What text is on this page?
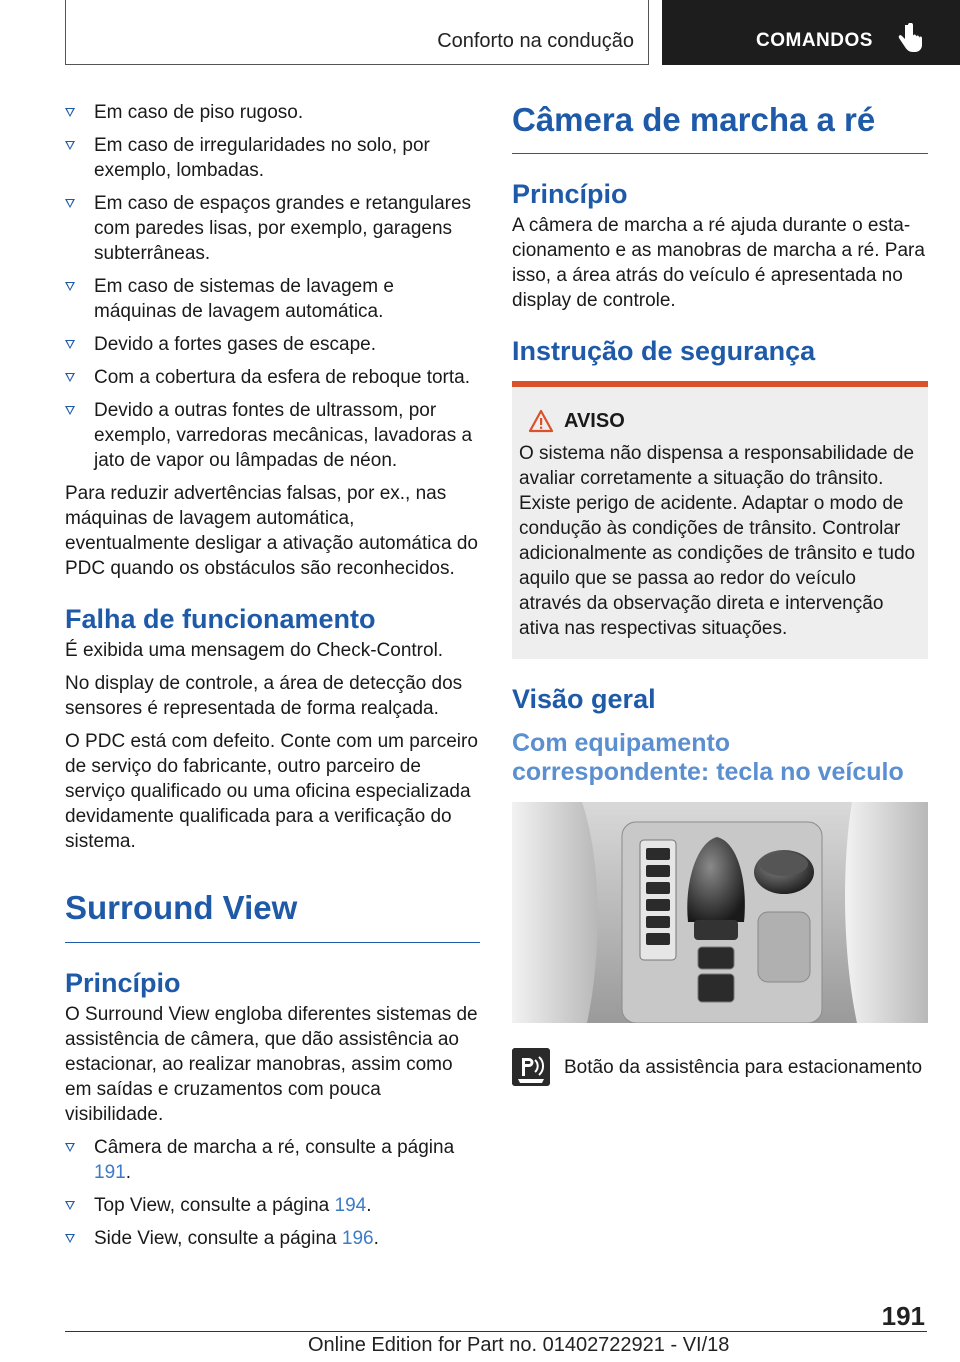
Conforto na condução	COMANDOS
Em caso de piso rugoso.
Em caso de irregularidades no solo, por exemplo, lombadas.
Em caso de espaços grandes e retangulares com paredes lisas, por exemplo, garagens subterrâneas.
Em caso de sistemas de lavagem e máquinas de lavagem automática.
Devido a fortes gases de escape.
Com a cobertura da esfera de reboque torta.
Devido a outras fontes de ultrassom, por exemplo, varredoras mecânicas, lavadoras a jato de vapor ou lâmpadas de néon.

Para reduzir advertências falsas, por ex., nas máquinas de lavagem automática, eventualmente desligar a ativação automática do PDC quando os obstáculos são reconhecidos.

Falha de funcionamento

É exibida uma mensagem do Check-Control.

No display de controle, a área de detecção dos sensores é representada de forma realçada.

O PDC está com defeito. Conte com um parceiro de serviço do fabricante, outro parceiro de serviço qualificado ou uma oficina especializada devidamente qualificada para a verificação do sistema.

Surround View
Princípio

O Surround View engloba diferentes sistemas de assistência de câmera, que dão assistência ao estacionar, ao realizar manobras, assim como em saídas e cruzamentos com pouca visibilidade.

Câmera de marcha a ré, consulte a página
191.
Top View, consulte a página 194.
Side View, consulte a página 196.
Câmera de marcha a ré
Princípio

A câmera de marcha a ré ajuda durante o estacionamento e as manobras de marcha a ré. Para isso, a área atrás do veículo é apresentada no display de controle.

Instrução de segurança
AVISO

O sistema não dispensa a responsabilidade de avaliar corretamente a situação do trânsito. Existe perigo de acidente. Adaptar o modo de condução às condições de trânsito. Controlar adicionalmente as condições de trânsito e tudo aquilo que se passa ao redor do veículo através da observação direta e intervenção ativa nas respectivas situações.

Visão geral
Com equipamento correspondente: tecla no veículo
Botão da assistência para estacionamento
191
Online Edition for Part no. 01402722921 - VI/18
